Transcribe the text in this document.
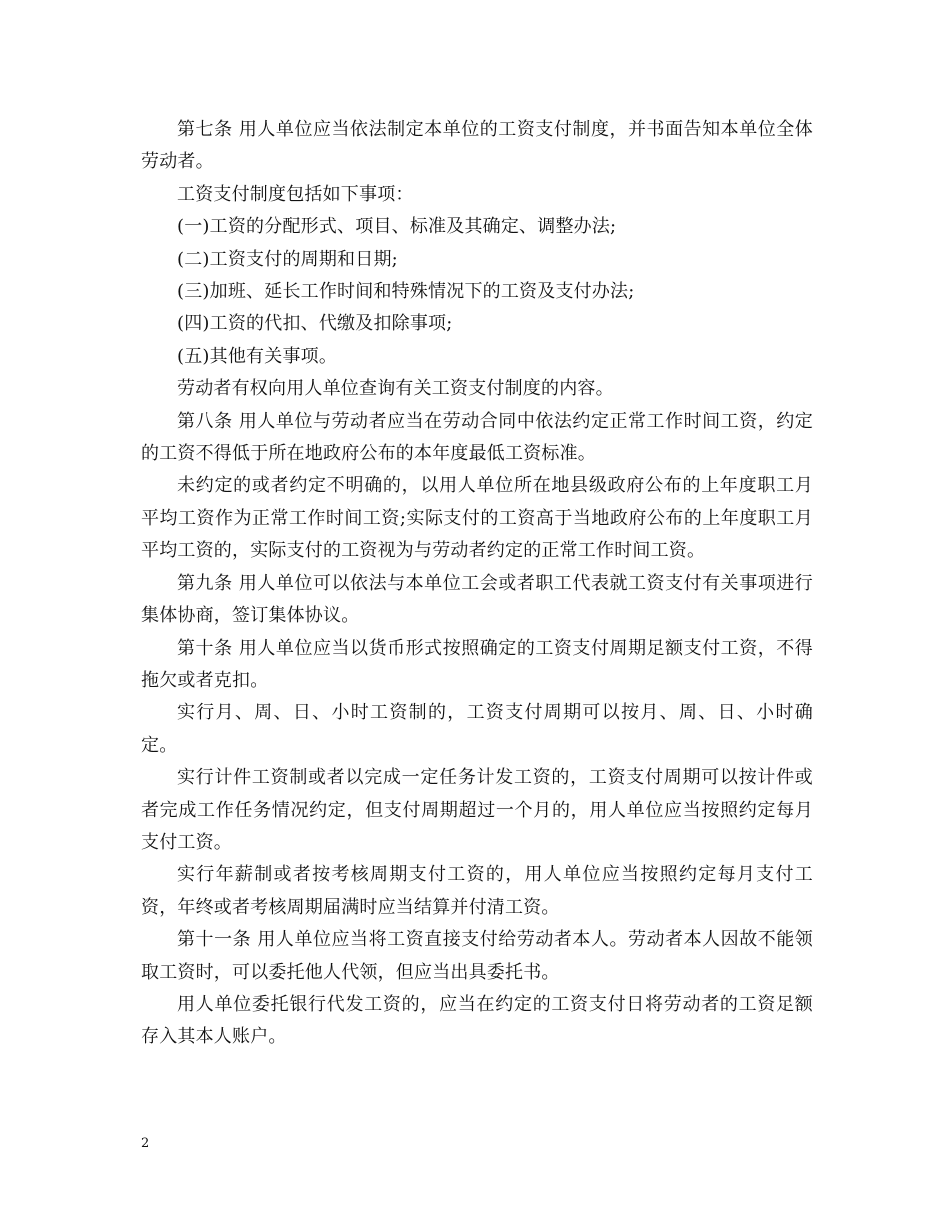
第七条 用人单位应当依法制定本单位的工资支付制度，并书面告知本单位全体劳动者。

工资支付制度包括如下事项：

(一)工资的分配形式、项目、标准及其确定、调整办法;

(二)工资支付的周期和日期;

(三)加班、延长工作时间和特殊情况下的工资及支付办法;

(四)工资的代扣、代缴及扣除事项;

(五)其他有关事项。

劳动者有权向用人单位查询有关工资支付制度的内容。

第八条 用人单位与劳动者应当在劳动合同中依法约定正常工作时间工资，约定的工资不得低于所在地政府公布的本年度最低工资标准。

未约定的或者约定不明确的，以用人单位所在地县级政府公布的上年度职工月平均工资作为正常工作时间工资;实际支付的工资高于当地政府公布的上年度职工月平均工资的，实际支付的工资视为与劳动者约定的正常工作时间工资。

第九条 用人单位可以依法与本单位工会或者职工代表就工资支付有关事项进行集体协商，签订集体协议。

第十条 用人单位应当以货币形式按照确定的工资支付周期足额支付工资，不得拖欠或者克扣。

实行月、周、日、小时工资制的，工资支付周期可以按月、周、日、小时确定。

实行计件工资制或者以完成一定任务计发工资的，工资支付周期可以按计件或者完成工作任务情况约定，但支付周期超过一个月的，用人单位应当按照约定每月支付工资。

实行年薪制或者按考核周期支付工资的，用人单位应当按照约定每月支付工资，年终或者考核周期届满时应当结算并付清工资。

第十一条 用人单位应当将工资直接支付给劳动者本人。劳动者本人因故不能领取工资时，可以委托他人代领，但应当出具委托书。

用人单位委托银行代发工资的，应当在约定的工资支付日将劳动者的工资足额存入其本人账户。

2
